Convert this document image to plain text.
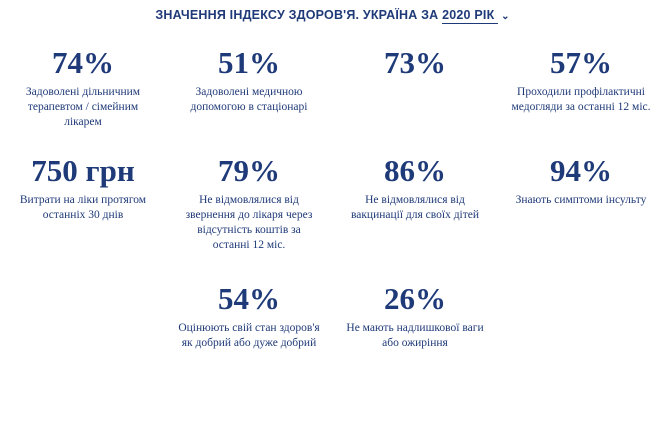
ЗНАЧЕННЯ ІНДЕКСУ ЗДОРОВ'Я. УКРАЇНА ЗА 2020 РІК ⌄
74%
Задоволені дільничним терапевтом / сімейним лікарем
51%
Задоволені медичною допомогою в стаціонарі
73%	57%
Проходили профілактичні медогляди за останні 12 міс.
750 грн
Витрати на ліки протягом останніх 30 днів
79%
Не відмовлялися від звернення до лікаря через відсутність коштів за останні 12 міс.
86%
Не відмовлялися від вакцинації для своїх дітей
94%
Знають симптоми інсульту
54%
Оцінюють свій стан здоров'я як добрий або дуже добрий
26%
Не мають надлишкової ваги або ожиріння
